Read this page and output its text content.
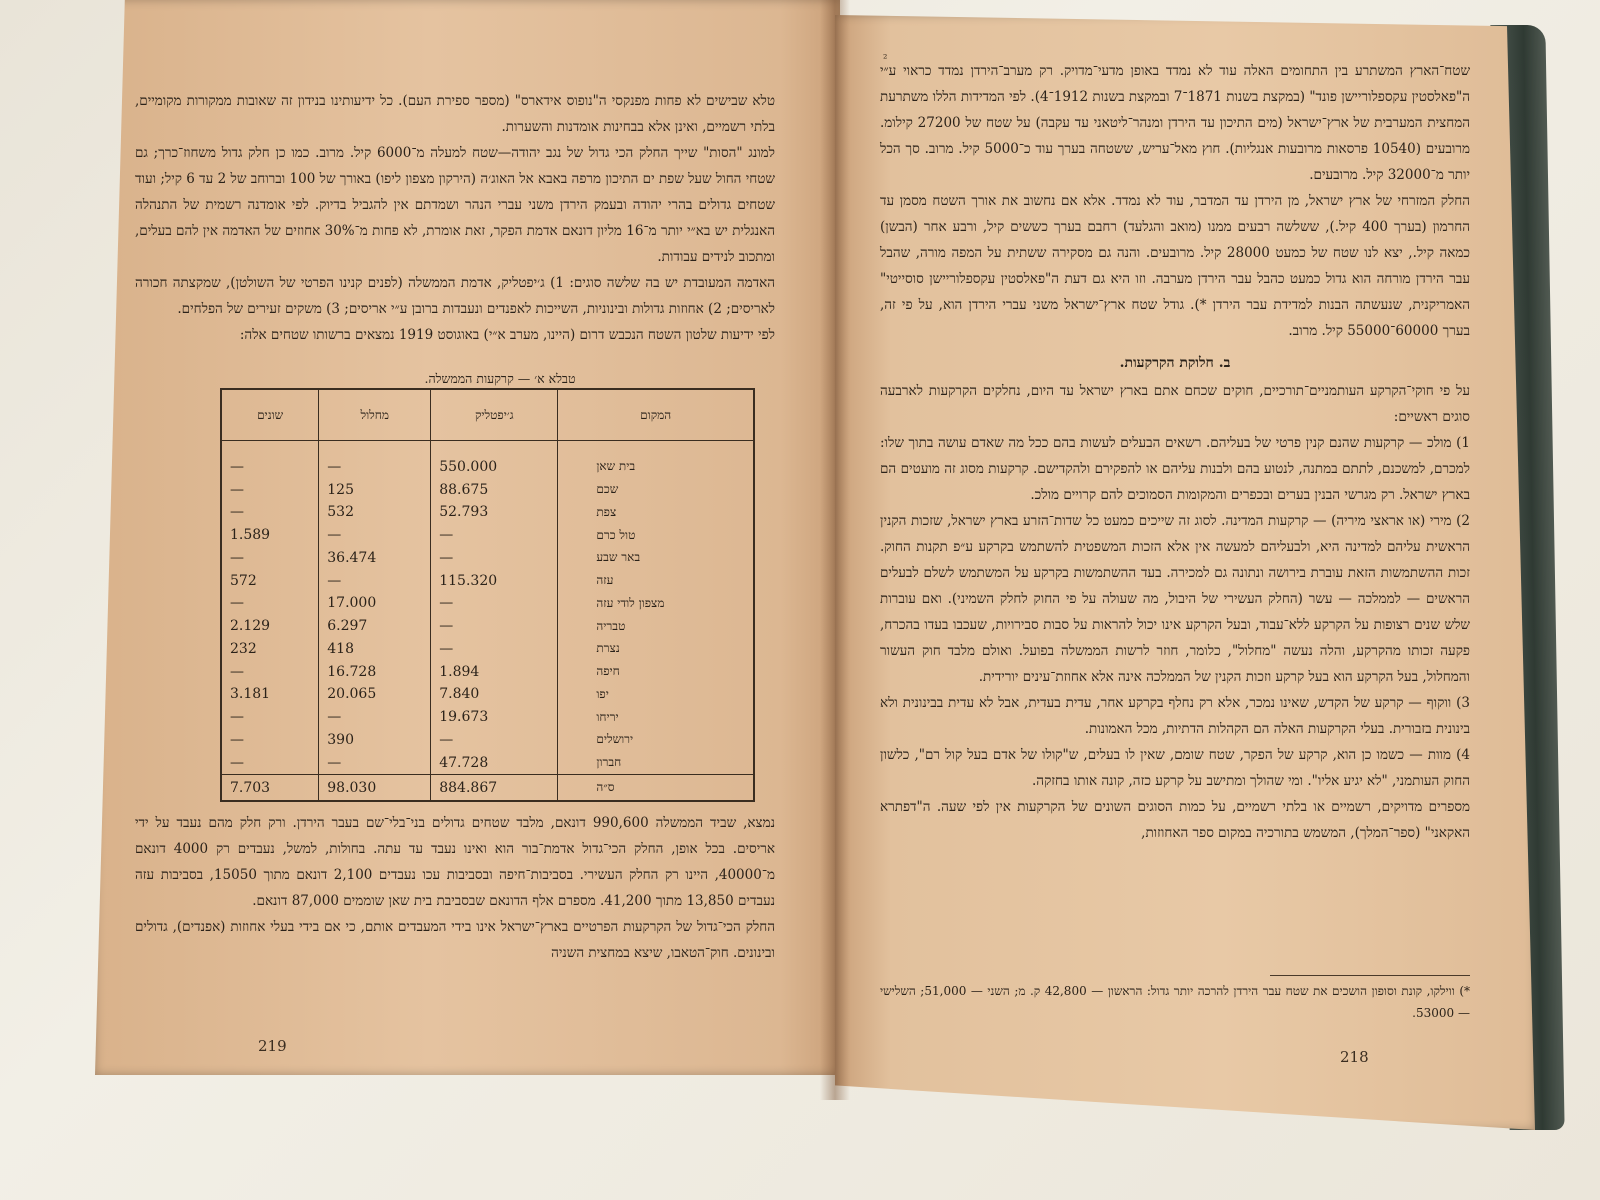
טלא שבישים לא פחות מפנקסי ה"נופוס אידארס" (מספר ספירת העם). כל ידיעותינו בנידון זה שאובות ממקורות מקומיים, בלתי רשמיים, ואינן אלא בבחינות אומדנות והשערות.

למונג "הסות" שייך החלק הכי גדול של נגב יהודה—שטח למעלה מ־6000 קיל. מרוב. כמו כן חלק גדול משחוז־כרך; גם שטחי החול שעל שפת ים התיכון מרפה באבא אל האוג׳ה (הירקון מצפון ליפו) באורך של 100 וברוחב של 2 עד 6 קיל; ועוד שטחים גדולים בהרי יהודה ובעמק הירדן משני עברי הנהר ושמדתם אין להגביל בדיוק. לפי אומדנה רשמית של התנהלה האנגלית יש בא״י יותר מ־16 מליון דונאם אדמת הפקר, זאת אומרת, לא פחות מ־30% אחוזים של האדמה אין להם בעלים, ומתכוב לנידים עבודות.

האדמה המעובדת יש בה שלשה סוגים: 1) ג׳יפטליק, אדמת הממשלה (לפנים קנינו הפרטי של השולטן), שמקצתה חכורה לאריסים; 2) אחוזות גדולות ובינוניות, השייכות לאפנדים ונעבדות ברובן ע״י אריסים; 3) משקים זעירים של הפלחים.

לפי ידיעות שלטון השטח הנכבש דרום (היינו, מערב א״י) באוגוסט 1919 נמצאים ברשותו שטחים אלה:

טבלא א׳ — קרקעות הממשלה.
המקום	ג׳יפטליק	מחלול	שונים

בית שאן	550.000	—	—
שכם	88.675	125	—
צפת	52.793	532	—
טול כרם	—	—	1.589
באר שבע	—	36.474	—
עזה	115.320	—	572
מצפון לודי עזה	—	17.000	—
טבריה	—	6.297	2.129
נצרת	—	418	232
חיפה	1.894	16.728	—
יפו	7.840	20.065	3.181
יריחו	19.673	—	—
ירושלים	—	390	—
חברון	47.728	—	—
ס״ה	884.867	98.030	7.703

נמצא, שביד הממשלה 990,600 דונאם, מלבד שטחים גדולים בני־בלי־שם בעבר הירדן. ורק חלק מהם נעבד על ידי אריסים. בכל אופן, החלק הכי־גדול אדמת־בור הוא ואינו נעבד עד עתה. בחולות, למשל, נעבדים רק 4000 דונאם מ־40000, היינו רק החלק העשירי. בסביבות־חיפה ובסביבות עכו נעבדים 2,100 דונאם מתוך 15050, בסביבות עזה נעבדים 13,850 מתוך 41,200. מספרם אלף הדונאם שבסביבת בית שאן שוממים 87,000 דונאם.

החלק הכי־גדול של הקרקעות הפרטיים בארץ־ישראל אינו בידי המעבדים אותם, כי אם בידי בעלי אחוזות (אפנדים), גדולים ובינונים. חוק־הטאבו, שיצא במחצית השניה

219
²

שטח־הארץ המשתרע בין התחומים האלה עוד לא נמדד באופן מדעי־מדויק. רק מערב־הירדן נמדד כראוי ע״י ה"פאלסטין עקספלוריישן פונד" (במקצת בשנות 1871־7 ובמקצת בשנות 1912־4). לפי המדידות הללו משתרעת המחצית המערבית של ארץ־ישראל (מים התיכון עד הירדן ומנהר־ליטאני עד עקבה) על שטח של 27200 קילומ. מרובעים (10540 פרסאות מרובעות אנגליות). חוץ מאל־עריש, ששטחה בערך עוד כ־5000 קיל. מרוב. סך הכל יותר מ־32000 קיל. מרובעים.

החלק המזרחי של ארץ ישראל, מן הירדן עד המדבר, עוד לא נמדד. אלא אם נחשוב את אורך השטח מסמן עד החרמון (בערך 400 קיל.), ששלשה רבעים ממנו (מואב והגלעד) רחבם בערך כששים קיל, ורבע אחר (הבשן) כמאה קיל., יצא לנו שטח של כמעט 28000 קיל. מרובעים. והנה גם מסקירה ששתית על המפה מורה, שהבל עבר הירדן מורחה הוא גדול כמעט כהבל עבר הירדן מערבה. וזו היא גם דעת ה"פאלסטין עקספלוריישן סוסייטי" האמריקנית, שנעשתה הבנות למדידת עבר הירדן *). גודל שטח ארץ־ישראל משני עברי הירדן הוא, על פי זה, בערך 60000־55000 קיל. מרוב.

ב. חלוקת הקרקעות.

על פי חוקי־הקרקע העותמניים־תורכיים, חוקים שכחם אתם בארץ ישראל עד היום, נחלקים הקרקעות לארבעה סוגים ראשיים:

1) מולכ — קרקעות שהנם קנין פרטי של בעליהם. רשאים הבעלים לעשות בהם ככל מה שאדם עושה בתוך שלו: למכרם, למשכנם, לתתם במתנה, לנטוע בהם ולבנות עליהם או להפקירם ולהקדישם. קרקעות מסוג זה מועטים הם בארץ ישראל. רק מגרשי הבנין בערים ובכפרים והמקומות הסמוכים להם קרויים מולכ.

2) מירי (או אראצי מיריה) — קרקעות המדינה. לסוג זה שייכים כמעט כל שדות־הזרע בארץ ישראל, שזכות הקנין הראשית עליהם למדינה היא, ולבעליהם למעשה אין אלא הזכות המשפטית להשתמש בקרקע ע״פ תקנות החוק. זכות ההשתמשות הזאת עוברת בירושה ונתונה גם למכירה. בעד ההשתמשות בקרקע על המשתמש לשלם לבעלים הראשים — לממלכה — עשר (החלק העשירי של היבול, מה שעולה על פי החוק לחלק השמיני). ואם עוברות שלש שנים רצופות על הקרקע ללא־עבוד, ובעל הקרקע אינו יכול להראות על סבות סבירויות, שעכבו בעדו בהכרח, פקעה זכותו מהקרקע, והלה נעשה "מחלול", כלומר, חוזר לרשות הממשלה בפועל. ואולם מלבד חוק העשור והמחלול, בעל הקרקע הוא בעל קרקע וזכות הקנין של הממלכה אינה אלא אחוזת־עינים יורידית.

3) ווקוף — קרקע של הקדש, שאינו נמכר, אלא רק נחלף בקרקע אחר, עדית בעדית, אבל לא עדית בבינונית ולא בינונית בזבורית. בעלי הקרקעות האלה הם הקהלות הדתיות, מכל האמונות.

4) מוות — כשמו כן הוא, קרקע של הפקר, שטח שומם, שאין לו בעלים, ש"קולו של אדם בעל קול רם", כלשון החוק העותמני, "לא יגיע אליו". ומי שהולך ומתישב על קרקע כזה, קונה אותו בחזקה.

מספרים מדויקים, רשמיים או בלתי רשמיים, על כמות הסוגים השונים של הקרקעות אין לפי שעה. ה"דפתרא האקאני" (ספר־המלך), המשמש בתורכיה במקום ספר האחוזות,

*) ווילקו, קונת וסופון הושכים את שטח עבר הירדן להרכה יותר גדול: הראשון — 42,800 ק. מ; השני — 51,000; השלישי — 53000.
218
